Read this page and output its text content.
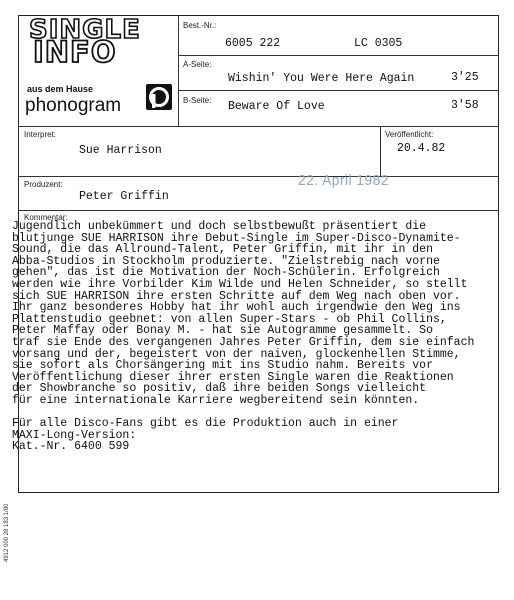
SINGLE
INFO
aus dem Hause
phonogram
Best.-Nr.:
6005 222	LC 0305
A-Seite:
Wishin' You Were Here Again	3'25
B-Seite: Beware Of Love	3'58
Interpret:
Sue Harrison
Veröffentlicht:
20.4.82
Produzent:
Peter Griffin
Kommentar:
22. April 1982
Jugendlich unbekümmert und doch selbstbewußt präsentiert die
blutjunge SUE HARRISON ihre Debut-Single im Super-Disco-Dynamite-
Sound, die das Allround-Talent, Peter Griffin, mit ihr in den
Abba-Studios in Stockholm produzierte. "Zielstrebig nach vorne
gehen", das ist die Motivation der Noch-Schülerin. Erfolgreich
werden wie ihre Vorbilder Kim Wilde und Helen Schneider, so stellt
sich SUE HARRISON ihre ersten Schritte auf dem Weg nach oben vor.
Ihr ganz besonderes Hobby hat ihr wohl auch irgendwie den Weg ins
Plattenstudio geebnet: von allen Super-Stars - ob Phil Collins,
Peter Maffay oder Bonay M. - hat sie Autogramme gesammelt. So
traf sie Ende des vergangenen Jahres Peter Griffin, dem sie einfach
vorsang und der, begeistert von der naiven, glockenhellen Stimme,
sie sofort als Chorsängering mit ins Studio nahm. Bereits vor
Veröffentlichung dieser ihrer ersten Single waren die Reaktionen
der Showbranche so positiv, daß ihre beiden Songs vielleicht
für eine internationale Karriere wegbereitend sein könnten.

Für alle Disco-Fans gibt es die Produktion auch in einer
MAXI-Long-Version:
Kat.-Nr. 6400 599
4912 000 28 183 1/80
